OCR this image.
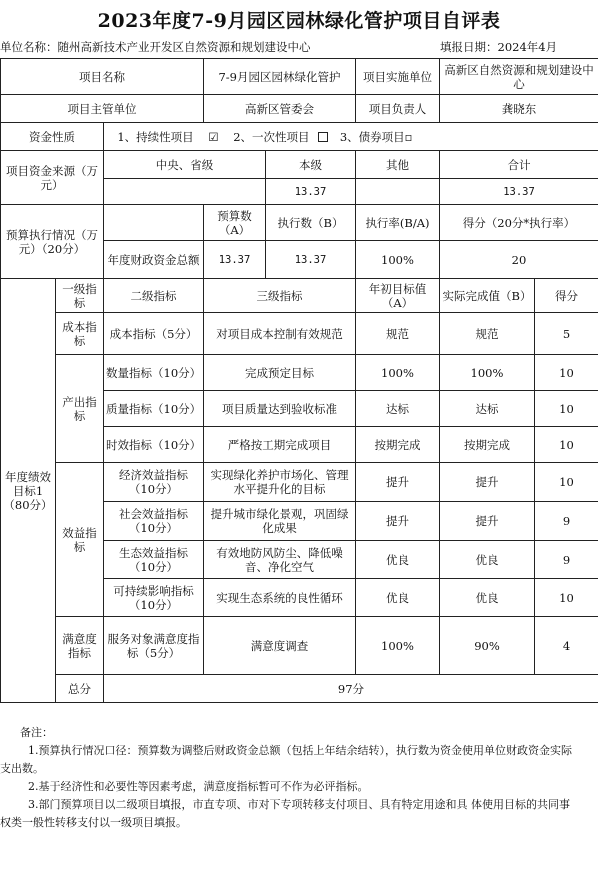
2023年度7-9月园区园林绿化管护项目自评表
单位名称：随州高新技术产业开发区自然资源和规划建设中心	填报日期：2024年4月
项目名称			7-9月园区园林绿化管护		项目实施单位	高新区自然资源和规划建设中心	
项目主管单位			高新区管委会		项目负责人	龚晓东	
资金性质		1、持续性项目 ☑ 2、一次性项目 3、债券项目▫					
项目资金来源（万元）		中央、省级		本级	其他	合计	
				13.37		13.37	
预算执行情况（万元）（20分）			预算数（A）	执行数（B）	执行率(B/A)	得分（20分*执行率）	
		年度财政资金总额	13.37	13.37	100%	20	
年度绩效目标1（80分）	一级指标	二级指标	三级指标		年初目标值（A）	实际完成值（B）	得分
	成本指标	成本指标（5分）	对项目成本控制有效规范		规范	规范	5
	产出指标	数量指标（10分）	完成预定目标		100%	100%	10
		质量指标（10分）	项目质量达到验收标准		达标	达标	10
		时效指标（10分）	严格按工期完成项目		按期完成	按期完成	10
	效益指标	经济效益指标（10分）	实现绿化养护市场化、管理水平提升化的目标		提升	提升	10
		社会效益指标（10分）	提升城市绿化景观，巩固绿化成果		提升	提升	9
		生态效益指标（10分）	有效地防风防尘、降低噪音、净化空气		优良	优良	9
		可持续影响指标（10分）	实现生态系统的良性循环		优良	优良	10
	满意度指标	服务对象满意度指标（5分）	满意度调查		100%	90%	4
	总分	97分					

备注：

1.预算执行情况口径：预算数为调整后财政资金总额（包括上年结余结转），执行数为资金使用单位财政资金实际支出数。

2.基于经济性和必要性等因素考虑，满意度指标暂可不作为必评指标。

3.部门预算项目以二级项目填报，市直专项、市对下专项转移支付项目、具有特定用途和具 体使用目标的共同事权类一般性转移支付以一级项目填报。
